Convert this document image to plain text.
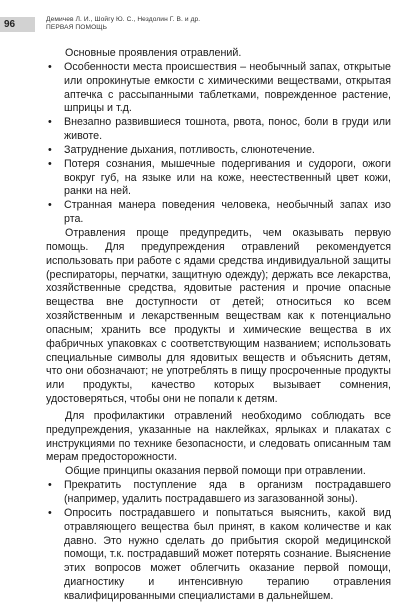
96	Демичев Л. И., Шойгу Ю. С., Нездолин Г. В. и др.
ПЕРВАЯ ПОМОЩЬ

Основные проявления отравлений.

• Особенности места происшествия – необычный запах, открытые или опрокинутые емкости с химическими веществами, открытая аптечка с рассыпанными таблетками, поврежденное растение, шприцы и т.д.
• Внезапно развившиеся тошнота, рвота, понос, боли в груди или животе.
• Затруднение дыхания, потливость, слюнотечение.
• Потеря сознания, мышечные подергивания и судороги, ожоги вокруг губ, на языке или на коже, неестественный цвет кожи, ранки на ней.
• Странная манера поведения человека, необычный запах изо рта.

Отравления проще предупредить, чем оказывать первую помощь. Для предупреждения отравлений рекомендуется использовать при работе с ядами средства индивидуальной защиты (респираторы, перчатки, защитную одежду); держать все лекарства, хозяйственные средства, ядовитые растения и прочие опасные вещества вне доступности от детей; относиться ко всем хозяйственным и лекарственным веществам как к потенциально опасным; хранить все продукты и химические вещества в их фабричных упаковках с соответствующим названием; использовать специальные символы для ядовитых веществ и объяснить детям, что они обозначают; не употреблять в пищу просроченные продукты или продукты, качество которых вызывает сомнения, удостоверяться, чтобы они не попали к детям.

Для профилактики отравлений необходимо соблюдать все предупреждения, указанные на наклейках, ярлыках и плакатах с инструкциями по технике безопасности, и следовать описанным там мерам предосторожности.

Общие принципы оказания первой помощи при отравлении.

• Прекратить поступление яда в организм пострадавшего (например, удалить пострадавшего из загазованной зоны).
• Опросить пострадавшего и попытаться выяснить, какой вид отравляющего вещества был принят, в каком количестве и как давно. Это нужно сделать до прибытия скорой медицинской помощи, т.к. пострадавший может потерять сознание. Выяснение этих вопросов может облегчить оказание первой помощи, диагностику и интенсивную терапию отравления квалифицированными специалистами в дальнейшем.
